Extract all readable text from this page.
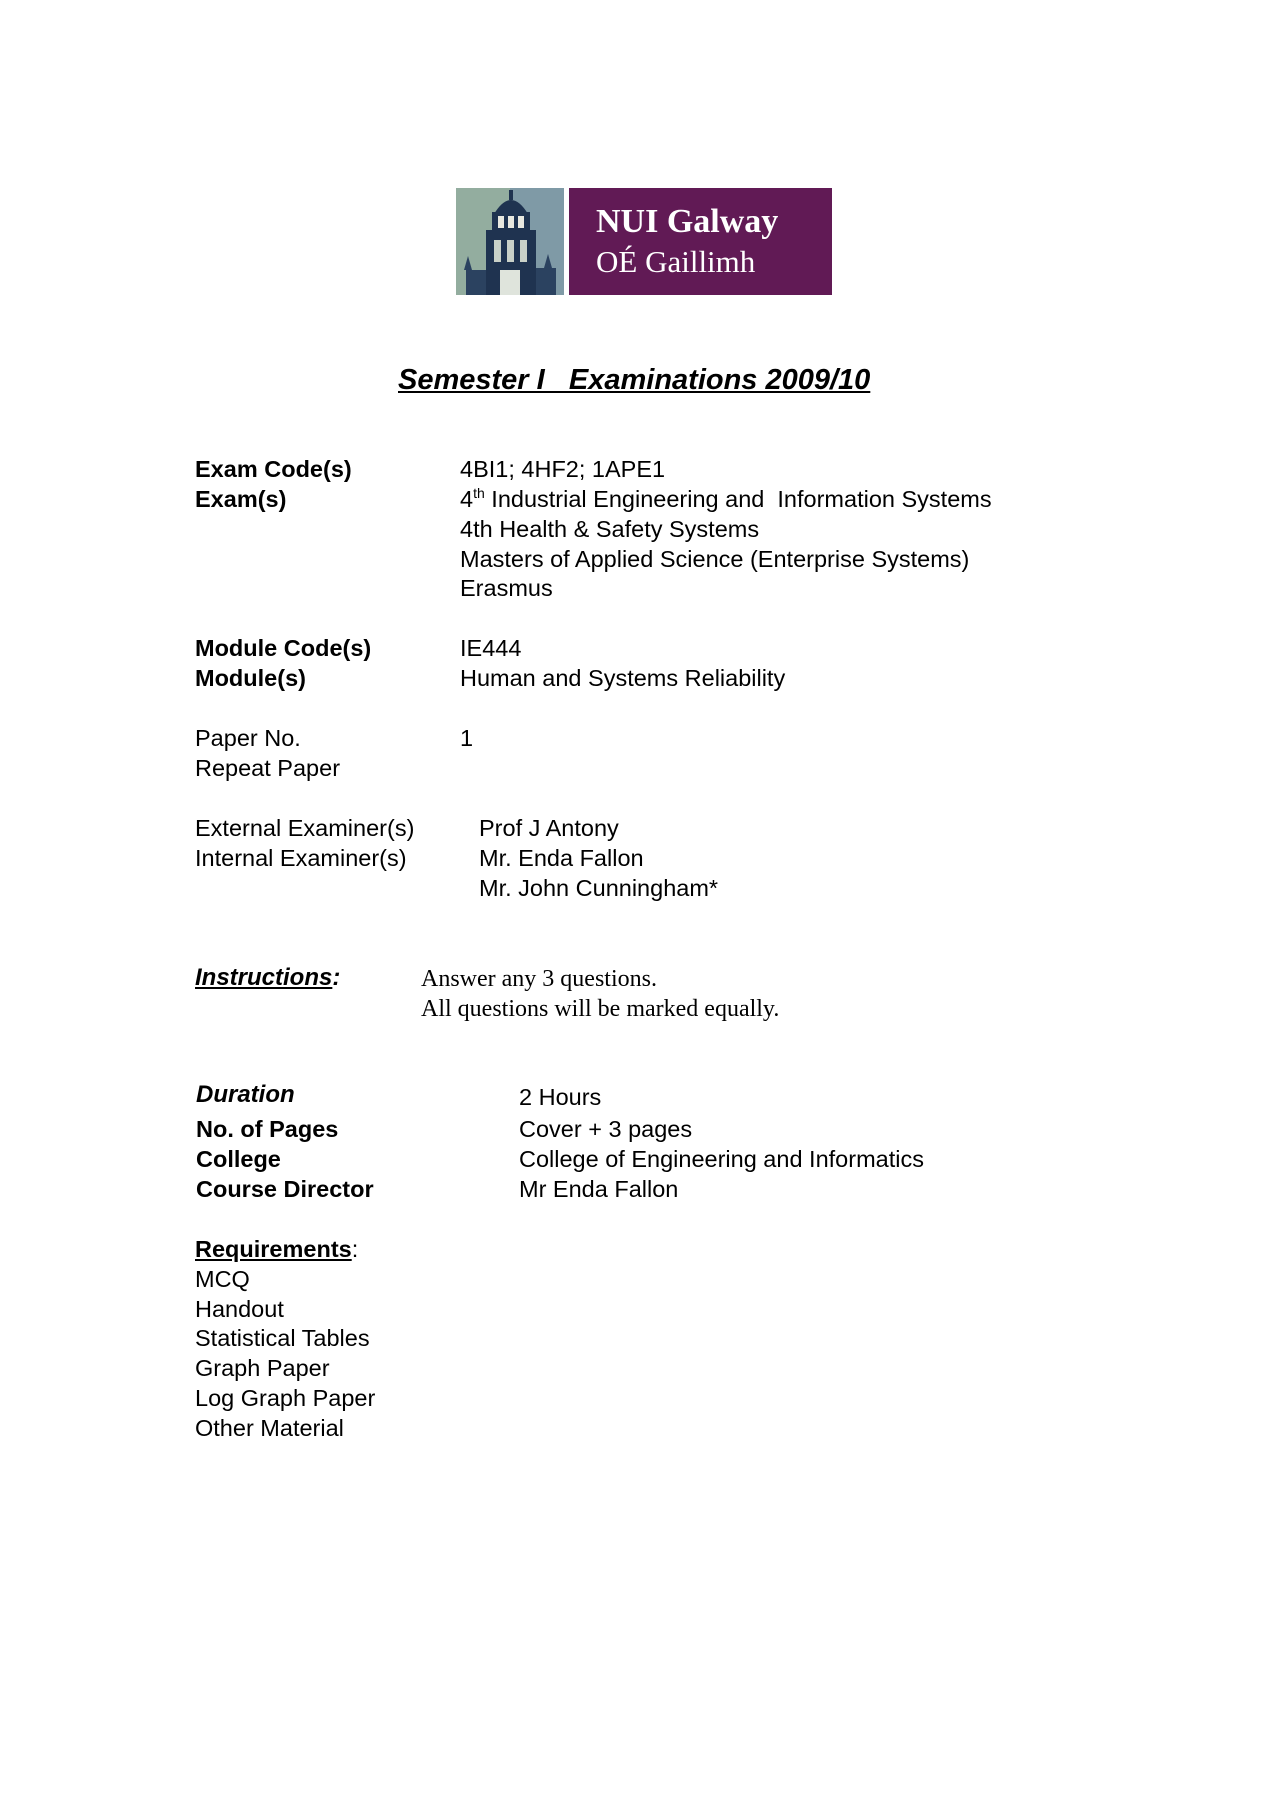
NUI Galway
OÉ Gaillimh
Semester I   Examinations 2009/10
Exam Code(s)	4BI1; 4HF2; 1APE1
Exam(s)	4th Industrial Engineering and  Information Systems
4th Health & Safety Systems
Masters of Applied Science (Enterprise Systems)
Erasmus
Module Code(s)	IE444
Module(s)	Human and Systems Reliability
Paper No.	1
Repeat Paper
External Examiner(s)	Prof J Antony
Internal Examiner(s)	Mr. Enda Fallon
Mr. John Cunningham*
Instructions:	Answer any 3 questions.
All questions will be marked equally.
Duration	2 Hours
No. of Pages	Cover + 3 pages
College	College of Engineering and Informatics
Course Director	Mr Enda Fallon
Requirements:
MCQ
Handout
Statistical Tables
Graph Paper
Log Graph Paper
Other Material
